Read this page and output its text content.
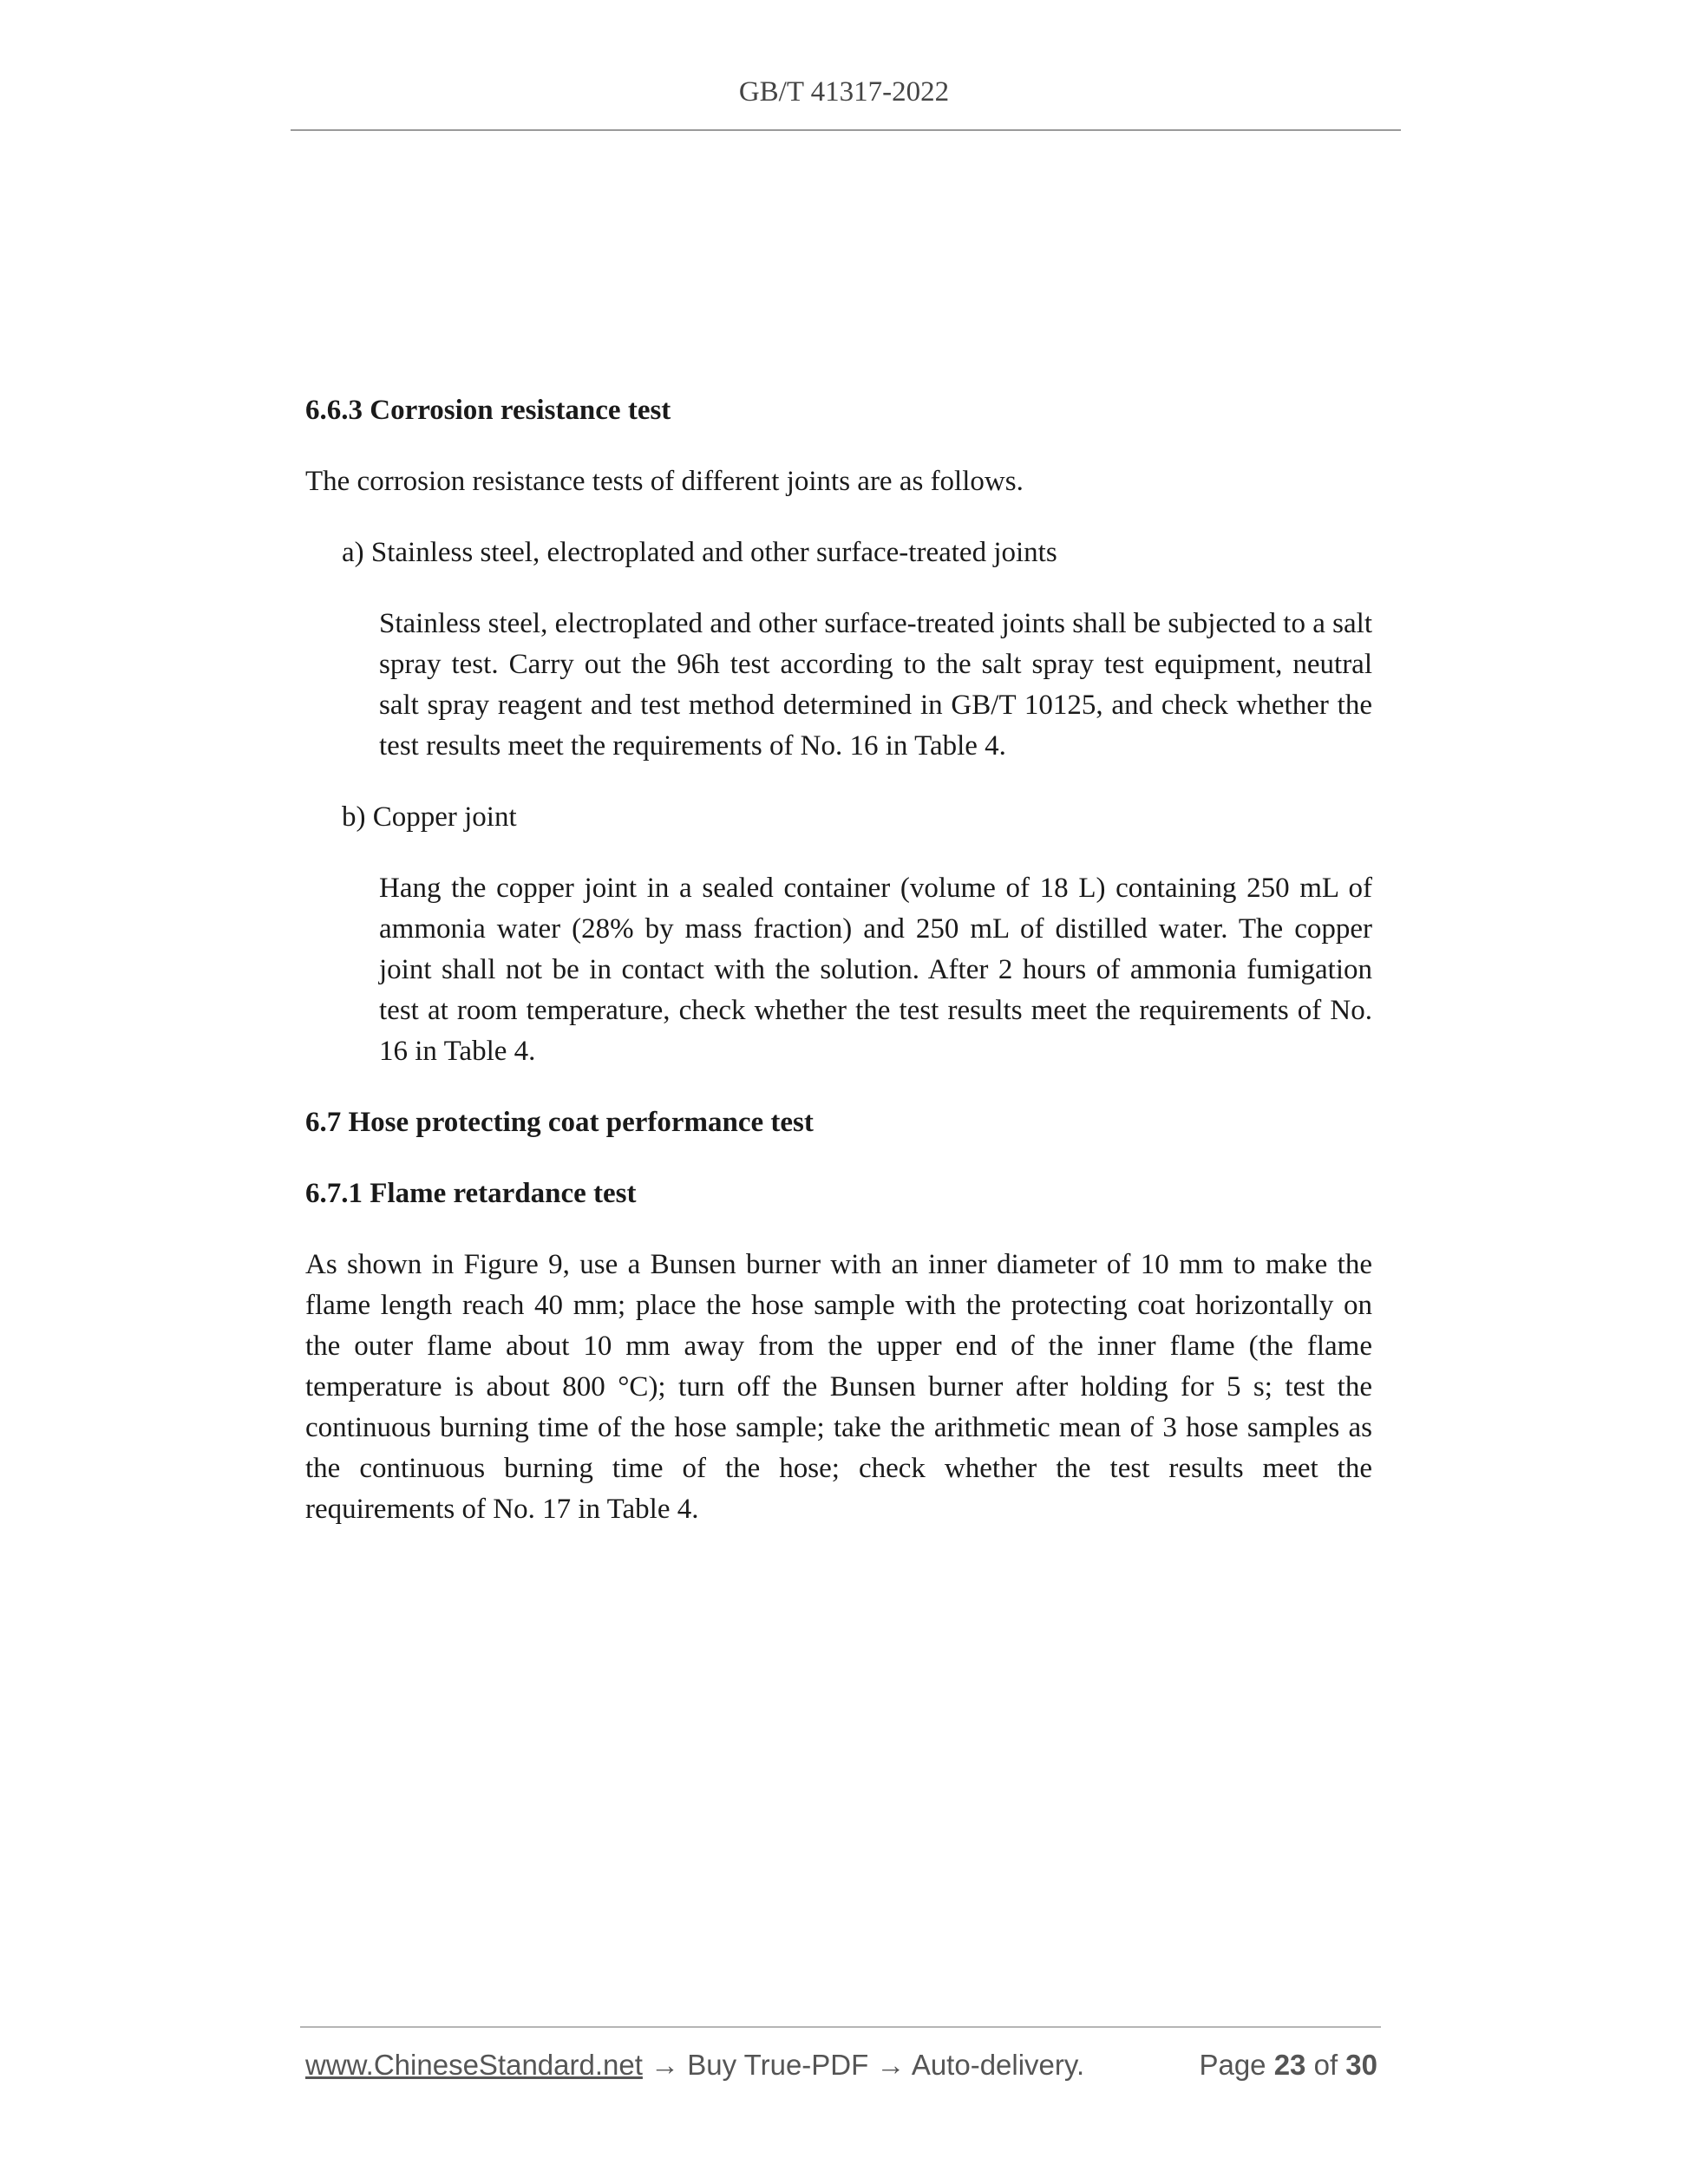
GB/T 41317-2022
6.6.3 Corrosion resistance test
The corrosion resistance tests of different joints are as follows.
a) Stainless steel, electroplated and other surface-treated joints
Stainless steel, electroplated and other surface-treated joints shall be subjected to a salt spray test. Carry out the 96h test according to the salt spray test equipment, neutral salt spray reagent and test method determined in GB/T 10125, and check whether the test results meet the requirements of No. 16 in Table 4.
b) Copper joint
Hang the copper joint in a sealed container (volume of 18 L) containing 250 mL of ammonia water (28% by mass fraction) and 250 mL of distilled water. The copper joint shall not be in contact with the solution. After 2 hours of ammonia fumigation test at room temperature, check whether the test results meet the requirements of No. 16 in Table 4.
6.7 Hose protecting coat performance test
6.7.1 Flame retardance test
As shown in Figure 9, use a Bunsen burner with an inner diameter of 10 mm to make the flame length reach 40 mm; place the hose sample with the protecting coat horizontally on the outer flame about 10 mm away from the upper end of the inner flame (the flame temperature is about 800 °C); turn off the Bunsen burner after holding for 5 s; test the continuous burning time of the hose sample; take the arithmetic mean of 3 hose samples as the continuous burning time of the hose; check whether the test results meet the requirements of No. 17 in Table 4.
www.ChineseStandard.net → Buy True-PDF → Auto-delivery.	Page 23 of 30
